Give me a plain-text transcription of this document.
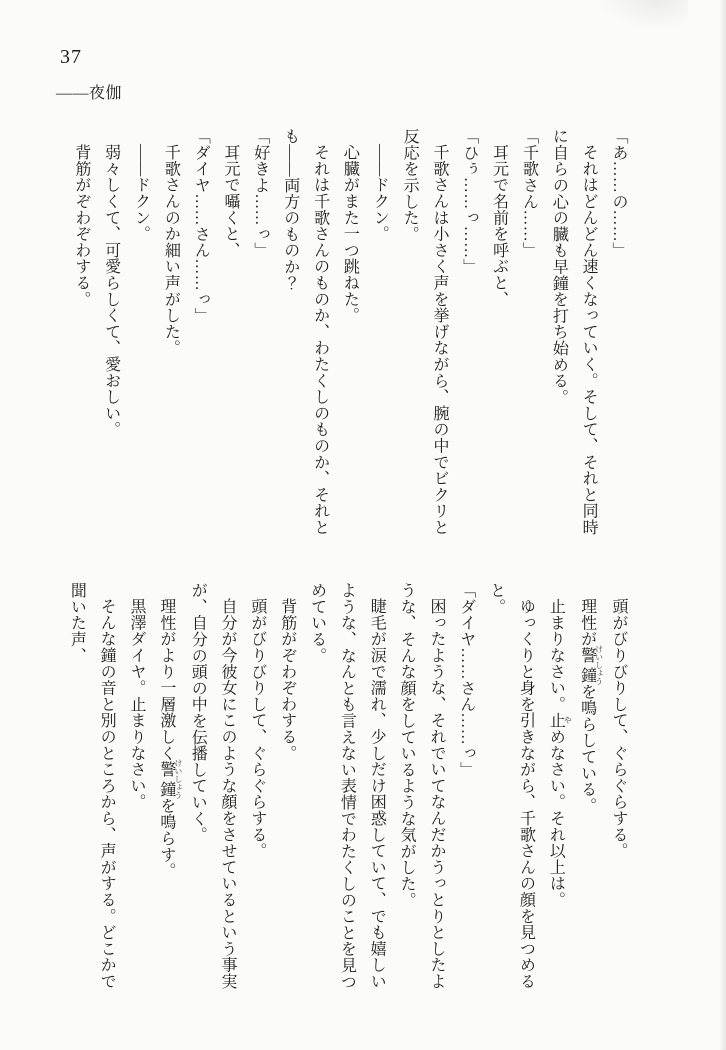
37
——夜伽

「あ……の……」

それはどんどん速くなっていく。そして、それと同時に自らの心の臓も早鐘を打ち始める。

「千歌さん……」

耳元で名前を呼ぶと、

「ひぅ……っ……」

千歌さんは小さく声を挙げながら、腕の中でビクリと反応を示した。

——ドクン。

心臓がまた一つ跳ねた。

それは千歌さんのものか、わたくしのものか、それとも——両方のものか？

「好きよ……っ」

耳元で囁くと、

「ダイヤ……さん……っ」

千歌さんのか細い声がした。

——ドクン。

弱々しくて、可愛らしくて、愛おしい。

背筋がぞわぞわする。

頭がびりびりして、ぐらぐらする。

理性が警鐘 けいしょうを鳴らしている。

止まりなさい。止 やめなさい。それ以上は。

ゆっくりと身を引きながら、千歌さんの顔を見つめると。

「ダイヤ……さん……っ」

困ったような、それでいてなんだかうっとりとしたような、そんな顔をしているような気がした。

睫毛が涙で濡れ、少しだけ困惑していて、でも嬉しいような、なんとも言えない表情でわたくしのことを見つめている。

背筋がぞわぞわする。

頭がびりびりして、ぐらぐらする。

自分が今彼女にこのような顔をさせているという事実が、自分の頭の中を伝播していく。

理性がより一層激しく警鐘 けいしょうを鳴らす。

黒澤ダイヤ。止まりなさい。

そんな鐘の音と別のところから、声がする。どこかで聞いた声、
